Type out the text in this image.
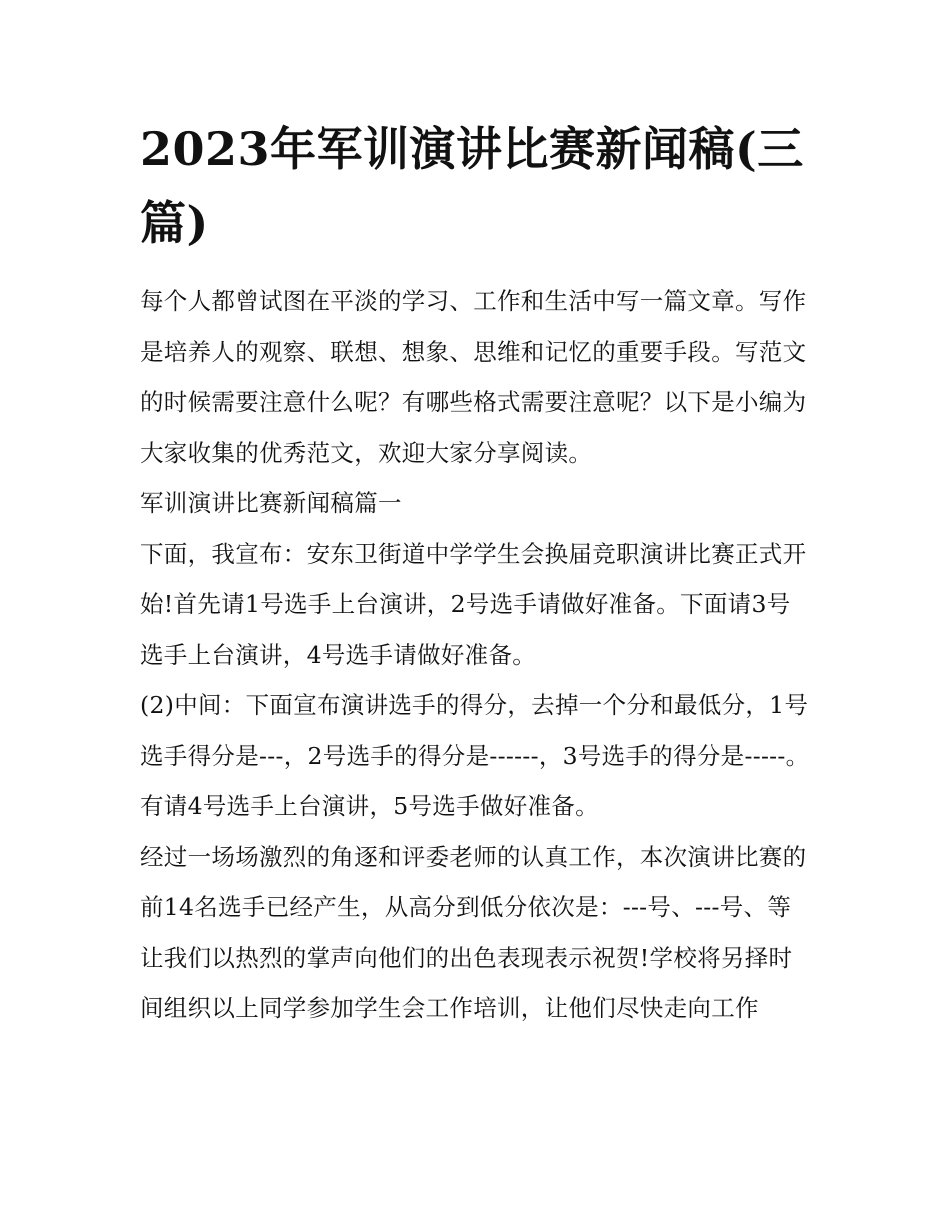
2023年军训演讲比赛新闻稿(三篇)

每个人都曾试图在平淡的学习、工作和生活中写一篇文章。写作是培养人的观察、联想、想象、思维和记忆的重要手段。写范文的时候需要注意什么呢？有哪些格式需要注意呢？以下是小编为大家收集的优秀范文，欢迎大家分享阅读。

军训演讲比赛新闻稿篇一

下面，我宣布：安东卫街道中学学生会换届竞职演讲比赛正式开始!首先请1号选手上台演讲，2号选手请做好准备。下面请3号选手上台演讲，4号选手请做好准备。

(2)中间：下面宣布演讲选手的得分，去掉一个分和最低分，1号选手得分是---，2号选手的得分是------，3号选手的得分是-----。有请4号选手上台演讲，5号选手做好准备。

经过一场场激烈的角逐和评委老师的认真工作，本次演讲比赛的前14名选手已经产生，从高分到低分依次是：---号、---号、等

让我们以热烈的掌声向他们的出色表现表示祝贺!学校将另择时间组织以上同学参加学生会工作培训，让他们尽快走向工作
